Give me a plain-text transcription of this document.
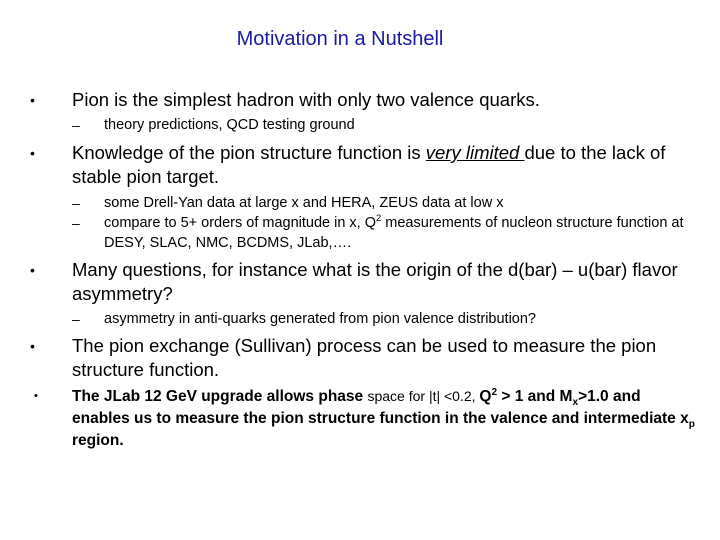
Motivation in a Nutshell
• Pion is the simplest hadron with only two valence quarks.
– theory predictions, QCD testing ground
• Knowledge of the pion structure function is very limited due to the lack of stable pion target.
– some Drell-Yan data at large x and HERA, ZEUS data at low x
– compare to 5+ orders of magnitude in x, $Q^2$ measurements of nucleon structure function at DESY, SLAC, NMC, BCDMS, JLab,….
• Many questions, for instance what is the origin of the d(bar) – u(bar) flavor asymmetry?
– asymmetry in anti-quarks generated from pion valence distribution?
• The pion exchange (Sullivan) process can be used to measure the pion structure function.
• The JLab 12 GeV upgrade allows phase space for |t| <0.2, $Q^2 > 1$ and $M_x>1.0$ and enables us to measure the pion structure function in the valence and intermediate $x_p$ region.
